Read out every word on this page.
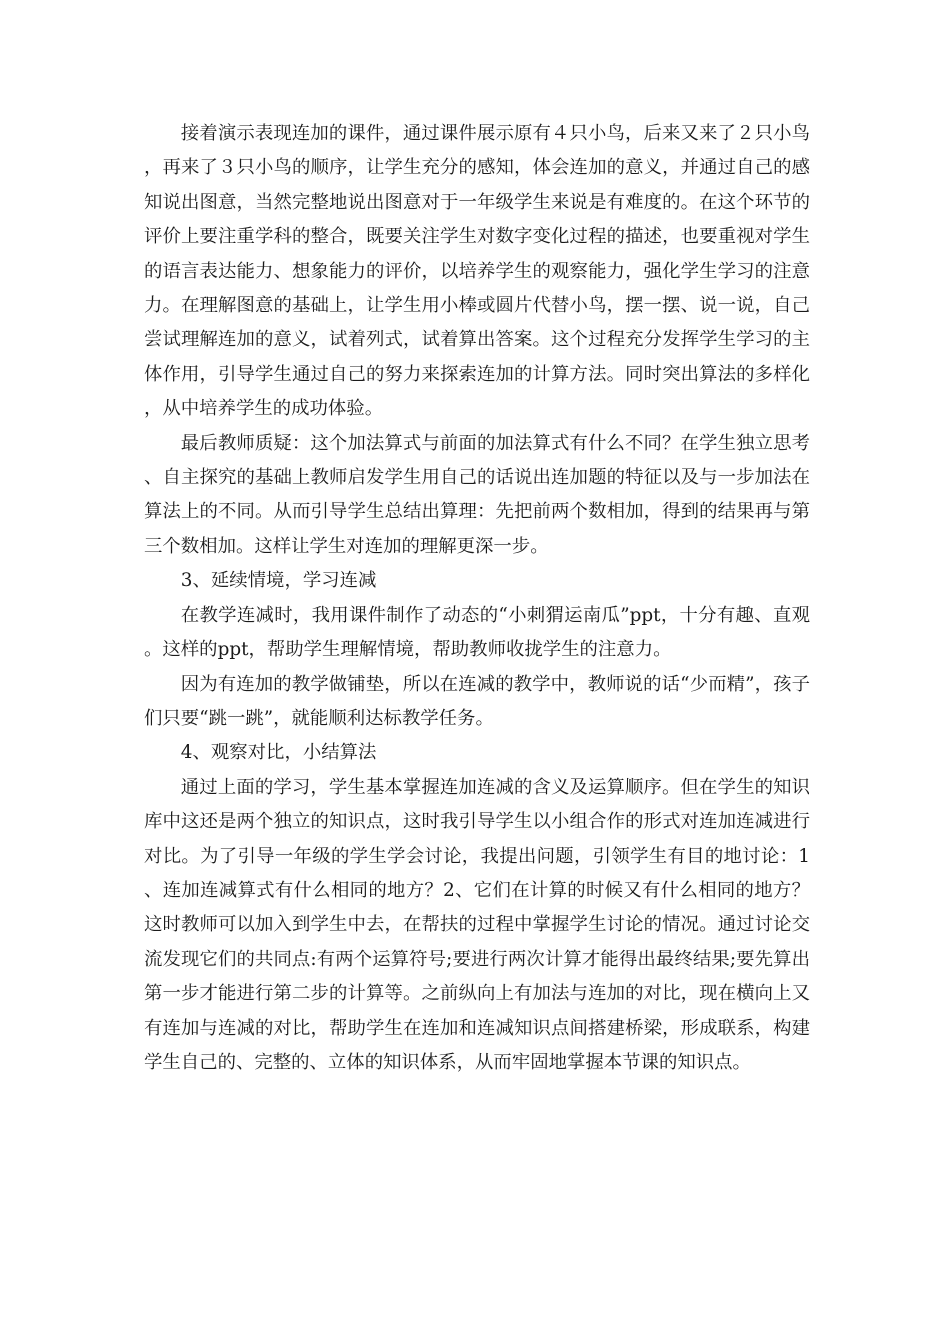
接着演示表现连加的课件，通过课件展示原有４只小鸟，后来又来了２只小鸟，再来了３只小鸟的顺序，让学生充分的感知，体会连加的意义，并通过自己的感知说出图意，当然完整地说出图意对于一年级学生来说是有难度的。在这个环节的评价上要注重学科的整合，既要关注学生对数字变化过程的描述，也要重视对学生的语言表达能力、想象能力的评价，以培养学生的观察能力，强化学生学习的注意力。在理解图意的基础上，让学生用小棒或圆片代替小鸟，摆一摆、说一说，自己尝试理解连加的意义，试着列式，试着算出答案。这个过程充分发挥学生学习的主体作用，引导学生通过自己的努力来探索连加的计算方法。同时突出算法的多样化，从中培养学生的成功体验。

最后教师质疑：这个加法算式与前面的加法算式有什么不同？在学生独立思考、自主探究的基础上教师启发学生用自己的话说出连加题的特征以及与一步加法在算法上的不同。从而引导学生总结出算理：先把前两个数相加，得到的结果再与第三个数相加。这样让学生对连加的理解更深一步。

3、延续情境，学习连减

在教学连减时，我用课件制作了动态的“小刺猬运南瓜”ppt，十分有趣、直观。这样的ppt，帮助学生理解情境，帮助教师收拢学生的注意力。

因为有连加的教学做铺垫，所以在连减的教学中，教师说的话“少而精”，孩子们只要“跳一跳”，就能顺利达标教学任务。

4、观察对比，小结算法

通过上面的学习，学生基本掌握连加连减的含义及运算顺序。但在学生的知识库中这还是两个独立的知识点，这时我引导学生以小组合作的形式对连加连减进行对比。为了引导一年级的学生学会讨论，我提出问题，引领学生有目的地讨论：1、连加连减算式有什么相同的地方？2、它们在计算的时候又有什么相同的地方？这时教师可以加入到学生中去，在帮扶的过程中掌握学生讨论的情况。通过讨论交流发现它们的共同点:有两个运算符号;要进行两次计算才能得出最终结果;要先算出第一步才能进行第二步的计算等。之前纵向上有加法与连加的对比，现在横向上又有连加与连减的对比，帮助学生在连加和连减知识点间搭建桥梁，形成联系，构建学生自己的、完整的、立体的知识体系，从而牢固地掌握本节课的知识点。
